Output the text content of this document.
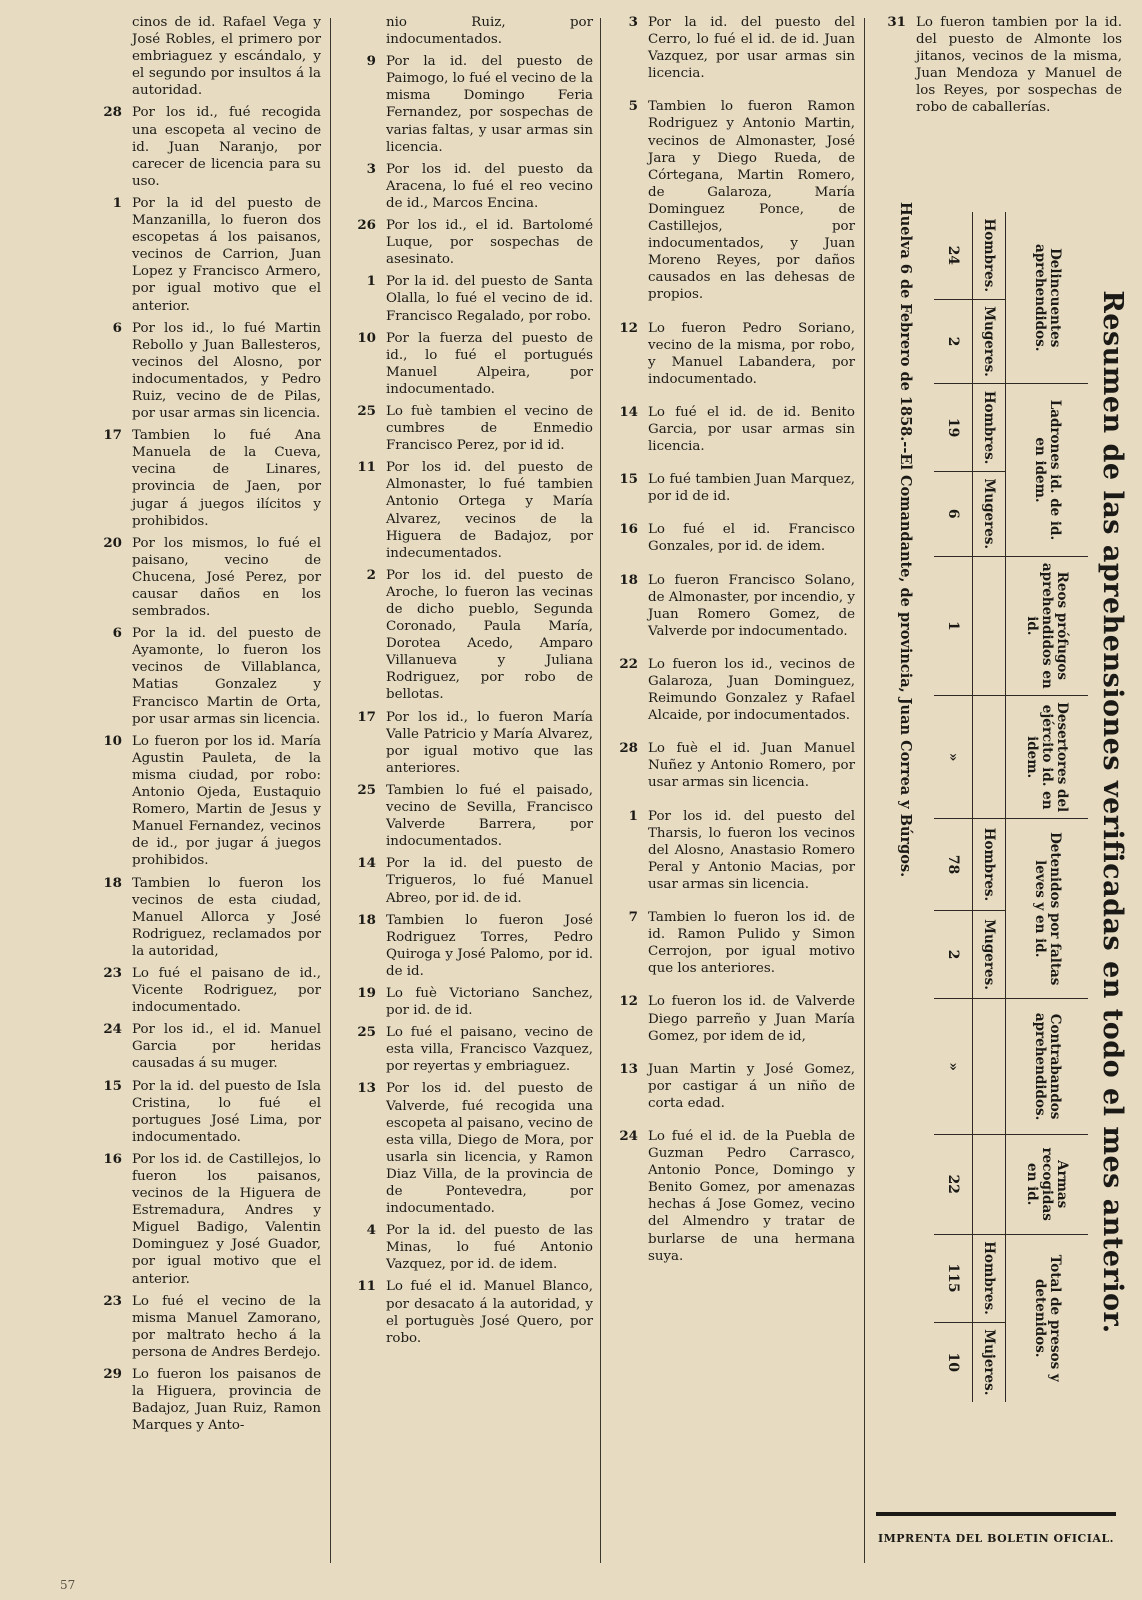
cinos de id. Rafael Vega y José Robles, el primero por embriaguez y escándalo, y el segundo por insultos á la autoridad.
28 Por los id., fué recogida una escopeta al vecino de id. Juan Naranjo, por carecer de licencia para su uso.
1 Por la id del puesto de Manzanilla, lo fueron dos escopetas á los paisanos, vecinos de Carrion, Juan Lopez y Francisco Armero, por igual motivo que el anterior.
6 Por los id., lo fué Martin Rebollo y Juan Ballesteros, vecinos del Alosno, por indocumentados, y Pedro Ruiz, vecino de de Pilas, por usar armas sin licencia.
17 Tambien lo fué Ana Manuela de la Cueva, vecina de Linares, provincia de Jaen, por jugar á juegos ilícitos y prohibidos.
20 Por los mismos, lo fué el paisano, vecino de Chucena, José Perez, por causar daños en los sembrados.
6 Por la id. del puesto de Ayamonte, lo fueron los vecinos de Villablanca, Matias Gonzalez y Francisco Martin de Orta, por usar armas sin licencia.
10 Lo fueron por los id. María Agustin Pauleta, de la misma ciudad, por robo: Antonio Ojeda, Eustaquio Romero, Martin de Jesus y Manuel Fernandez, vecinos de id., por jugar á juegos prohibidos.
18 Tambien lo fueron los vecinos de esta ciudad, Manuel Allorca y José Rodriguez, reclamados por la autoridad,
23 Lo fué el paisano de id., Vicente Rodriguez, por indocumentado.
24 Por los id., el id. Manuel Garcia por heridas causadas á su muger.
15 Por la id. del puesto de Isla Cristina, lo fué el portugues José Lima, por indocumentado.
16 Por los id. de Castillejos, lo fueron los paisanos, vecinos de la Higuera de Estremadura, Andres y Miguel Badigo, Valentin Dominguez y José Guador, por igual motivo que el anterior.
23 Lo fué el vecino de la misma Manuel Zamorano, por maltrato hecho á la persona de Andres Berdejo.
29 Lo fueron los paisanos de la Higuera, provincia de Badajoz, Juan Ruiz, Ramon Marques y Anto-
nio Ruiz, por indocumentados.
9 Por la id. del puesto de Paimogo, lo fué el vecino de la misma Domingo Feria Fernandez, por sospechas de varias faltas, y usar armas sin licencia.
3 Por los id. del puesto da Aracena, lo fué el reo vecino de id., Marcos Encina.
26 Por los id., el id. Bartolomé Luque, por sospechas de asesinato.
1 Por la id. del puesto de Santa Olalla, lo fué el vecino de id. Francisco Regalado, por robo.
10 Por la fuerza del puesto de id., lo fué el portugués Manuel Alpeira, por indocumentado.
25 Lo fuè tambien el vecino de cumbres de Enmedio Francisco Perez, por id id.
11 Por los id. del puesto de Almonaster, lo fué tambien Antonio Ortega y María Alvarez, vecinos de la Higuera de Badajoz, por indecumentados.
2 Por los id. del puesto de Aroche, lo fueron las vecinas de dicho pueblo, Segunda Coronado, Paula María, Dorotea Acedo, Amparo Villanueva y Juliana Rodriguez, por robo de bellotas.
17 Por los id., lo fueron María Valle Patricio y María Alvarez, por igual motivo que las anteriores.
25 Tambien lo fué el paisado, vecino de Sevilla, Francisco Valverde Barrera, por indocumentados.
14 Por la id. del puesto de Trigueros, lo fué Manuel Abreo, por id. de id.
18 Tambien lo fueron José Rodriguez Torres, Pedro Quiroga y José Palomo, por id. de id.
19 Lo fuè Victoriano Sanchez, por id. de id.
25 Lo fué el paisano, vecino de esta villa, Francisco Vazquez, por reyertas y embriaguez.
13 Por los id. del puesto de Valverde, fué recogida una escopeta al paisano, vecino de esta villa, Diego de Mora, por usarla sin licencia, y Ramon Diaz Villa, de la provincia de de Pontevedra, por indocumentado.
4 Por la id. del puesto de las Minas, lo fué Antonio Vazquez, por id. de idem.
11 Lo fué el id. Manuel Blanco, por desacato á la autoridad, y el portuguès José Quero, por robo.
3 Por la id. del puesto del Cerro, lo fué el id. de id. Juan Vazquez, por usar armas sin licencia.
5 Tambien lo fueron Ramon Rodriguez y Antonio Martin, vecinos de Almonaster, José Jara y Diego Rueda, de Córtegana, Martin Romero, de Galaroza, María Dominguez Ponce, de Castillejos, por indocumentados, y Juan Moreno Reyes, por daños causados en las dehesas de propios.
12 Lo fueron Pedro Soriano, vecino de la misma, por robo, y Manuel Labandera, por indocumentado.
14 Lo fué el id. de id. Benito Garcia, por usar armas sin licencia.
15 Lo fué tambien Juan Marquez, por id de id.
16 Lo fué el id. Francisco Gonzales, por id. de idem.
18 Lo fueron Francisco Solano, de Almonaster, por incendio, y Juan Romero Gomez, de Valverde por indocumentado.
22 Lo fueron los id., vecinos de Galaroza, Juan Dominguez, Reimundo Gonzalez y Rafael Alcaide, por indocumentados.
28 Lo fuè el id. Juan Manuel Nuñez y Antonio Romero, por usar armas sin licencia.
1 Por los id. del puesto del Tharsis, lo fueron los vecinos del Alosno, Anastasio Romero Peral y Antonio Macias, por usar armas sin licencia.
7 Tambien lo fueron los id. de id. Ramon Pulido y Simon Cerrojon, por igual motivo que los anteriores.
12 Lo fueron los id. de Valverde Diego parreño y Juan María Gomez, por idem de id,
13 Juan Martin y José Gomez, por castigar á un niño de corta edad.
24 Lo fué el id. de la Puebla de Guzman Pedro Carrasco, Antonio Ponce, Domingo y Benito Gomez, por amenazas hechas á Jose Gomez, vecino del Almendro y tratar de burlarse de una hermana suya.
31 Lo fueron tambien por la id. del puesto de Almonte los jitanos, vecinos de la misma, Juan Mendoza y Manuel de los Reyes, por sospechas de robo de caballerías.
Resumen de las aprehensiones verificadas en todo el mes anterior.
Delincuentes aprehendidos.		Ladrones id. de id. en idem.		Reos prófugos aprehendidos en id.	Desertores del ejército id. en idem.	Detenidos por faltas leves y en id.		Contrabandos aprehendidos.	Armas recogidas en id.	Total de presos y detenidos.	
Hombres.	Mugeres.	Hombres.	Mugeres.			Hombres.	Mugeres.			Hombres.	Mujeres.
24	2	19	6	1	»	78	2	»	22	115	10
Huelva 6 de Febrero de 1858.--El Comandante, de provincia, Juan Correa y Búrgos.
IMPRENTA DEL BOLETIN OFICIAL.
57
